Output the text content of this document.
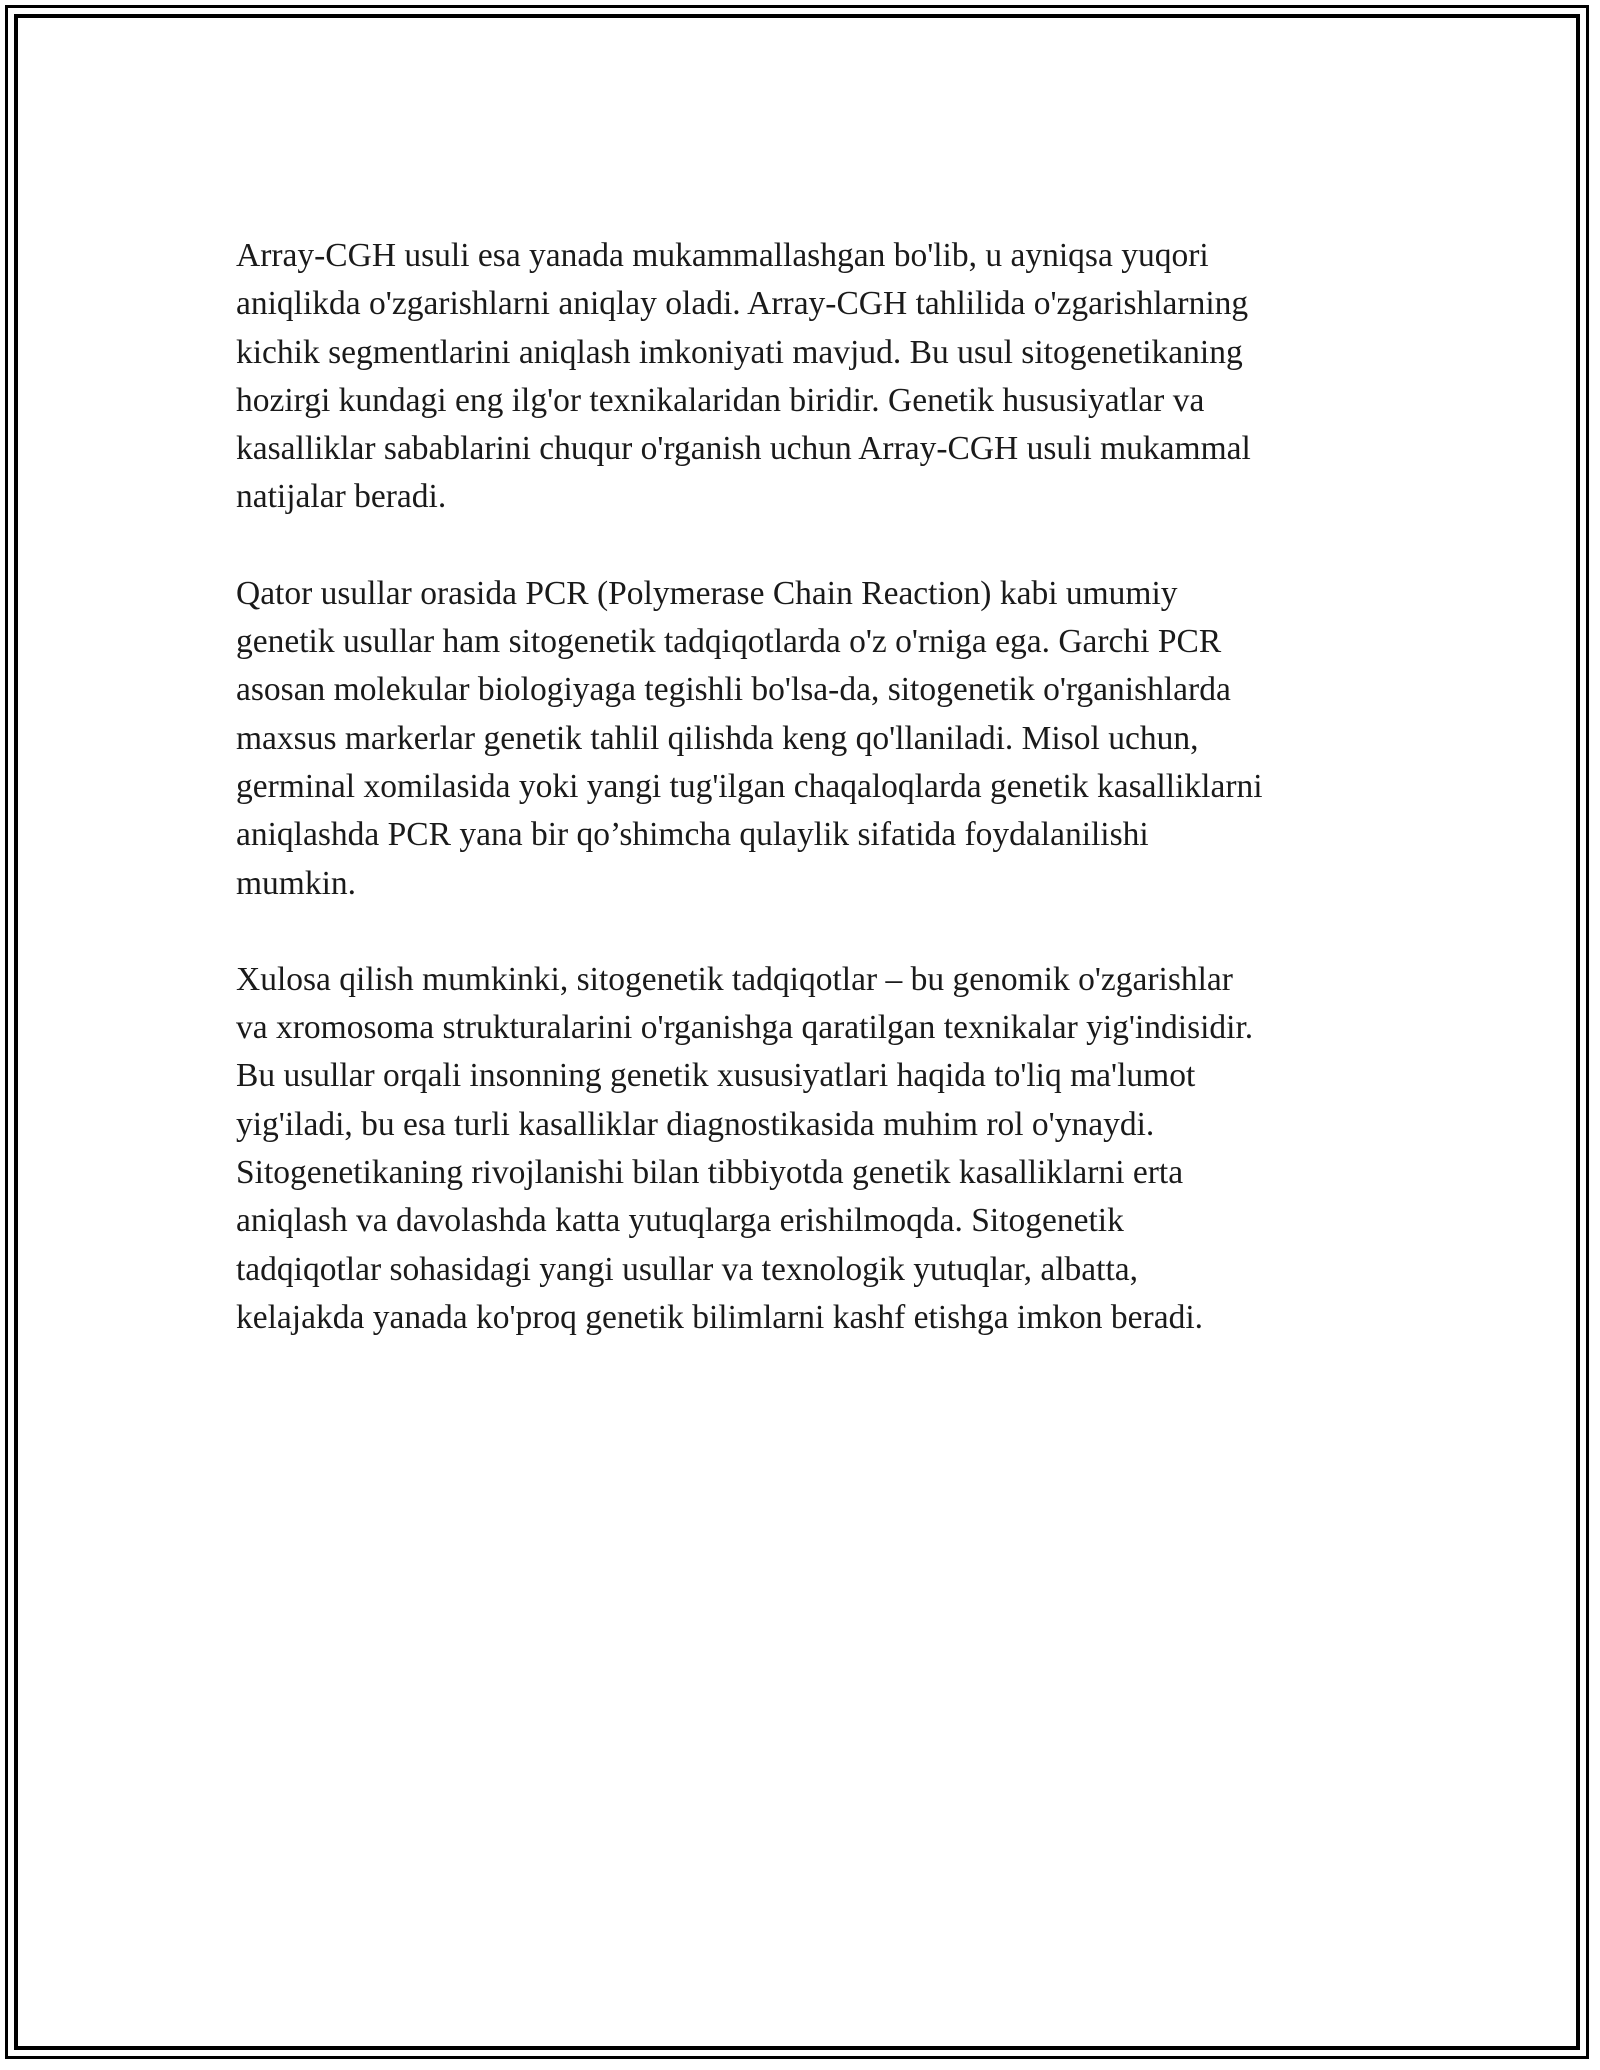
Array-CGH usuli esa yanada mukammallashgan bo'lib, u ayniqsa yuqori
aniqlikda o'zgarishlarni aniqlay oladi. Array-CGH tahlilida o'zgarishlarning
kichik segmentlarini aniqlash imkoniyati mavjud. Bu usul sitogenetikaning
hozirgi kundagi eng ilg'or texnikalaridan biridir. Genetik hususiyatlar va
kasalliklar sabablarini chuqur o'rganish uchun Array-CGH usuli mukammal
natijalar beradi.

Qator usullar orasida PCR (Polymerase Chain Reaction) kabi umumiy
genetik usullar ham sitogenetik tadqiqotlarda o'z o'rniga ega. Garchi PCR
asosan molekular biologiyaga tegishli bo'lsa-da, sitogenetik o'rganishlarda
maxsus markerlar genetik tahlil qilishda keng qo'llaniladi. Misol uchun,
germinal xomilasida yoki yangi tug'ilgan chaqaloqlarda genetik kasalliklarni
aniqlashda PCR yana bir qo’shimcha qulaylik sifatida foydalanilishi
mumkin.

Xulosa qilish mumkinki, sitogenetik tadqiqotlar – bu genomik o'zgarishlar
va xromosoma strukturalarini o'rganishga qaratilgan texnikalar yig'indisidir.
Bu usullar orqali insonning genetik xususiyatlari haqida to'liq ma'lumot
yig'iladi, bu esa turli kasalliklar diagnostikasida muhim rol o'ynaydi.
Sitogenetikaning rivojlanishi bilan tibbiyotda genetik kasalliklarni erta
aniqlash va davolashda katta yutuqlarga erishilmoqda. Sitogenetik
tadqiqotlar sohasidagi yangi usullar va texnologik yutuqlar, albatta,
kelajakda yanada ko'proq genetik bilimlarni kashf etishga imkon beradi.
